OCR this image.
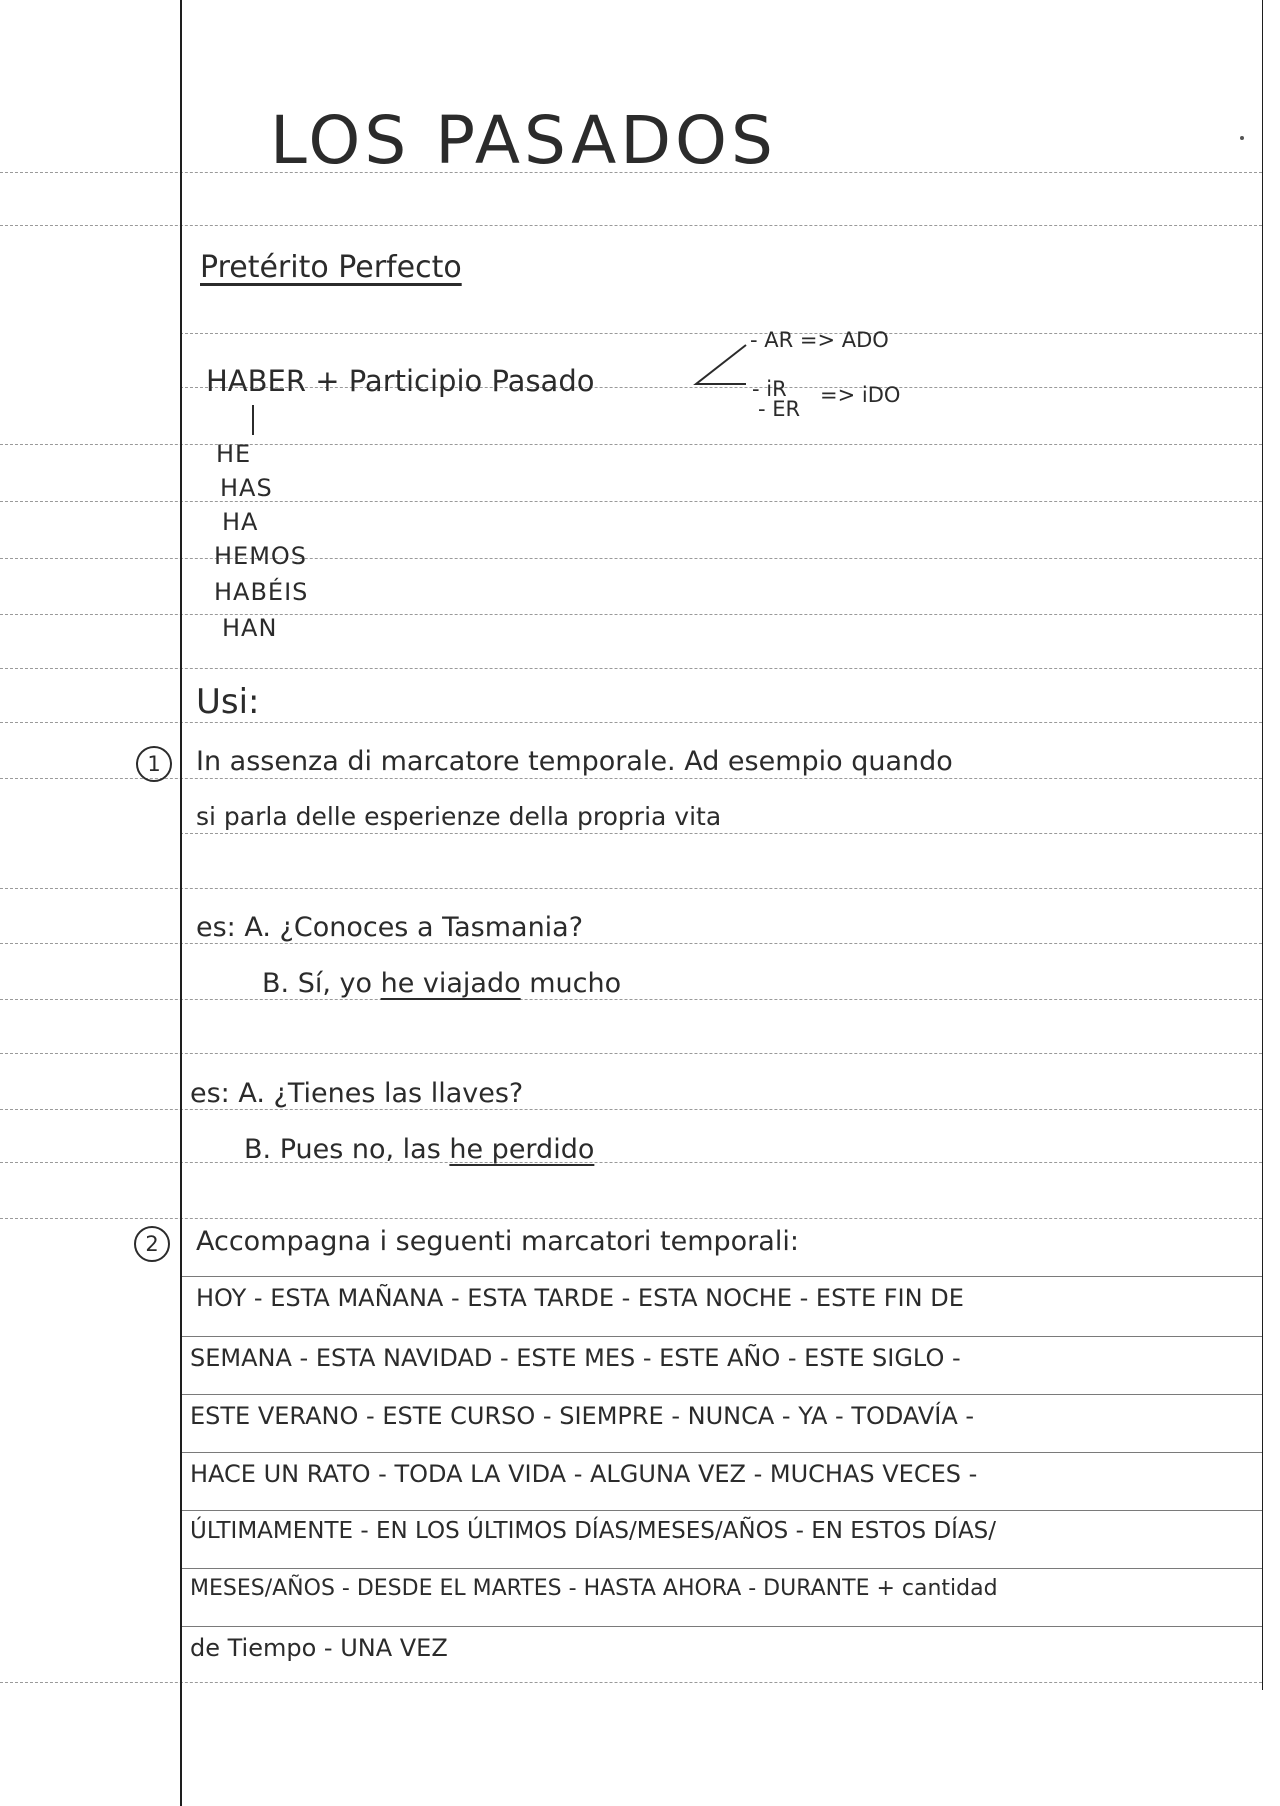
LOS PASADOS
Pretérito Perfecto
HABER + Participio Pasado
- AR => ADO
- iR
- ER
=> iDO
HE
HAS
HA
HEMOS
HABÉIS
HAN
Usi:
1	In assenza di marcatore temporale. Ad esempio quando
si parla delle esperienze della propria vita
es: A. ¿Conoces a Tasmania?
B. Sí, yo he viajado mucho
es: A. ¿Tienes las llaves?
B. Pues no, las he perdido
2	Accompagna i seguenti marcatori temporali:
HOY - ESTA MAÑANA - ESTA TARDE - ESTA NOCHE - ESTE FIN DE
SEMANA - ESTA NAVIDAD - ESTE MES - ESTE AÑO - ESTE SIGLO -
ESTE VERANO - ESTE CURSO - SIEMPRE - NUNCA - YA - TODAVÍA -
HACE UN RATO - TODA LA VIDA - ALGUNA VEZ - MUCHAS VECES -
ÚLTIMAMENTE - EN LOS ÚLTIMOS DÍAS/MESES/AÑOS - EN ESTOS DÍAS/
MESES/AÑOS - DESDE EL MARTES - HASTA AHORA - DURANTE + cantidad
de Tiempo - UNA VEZ
